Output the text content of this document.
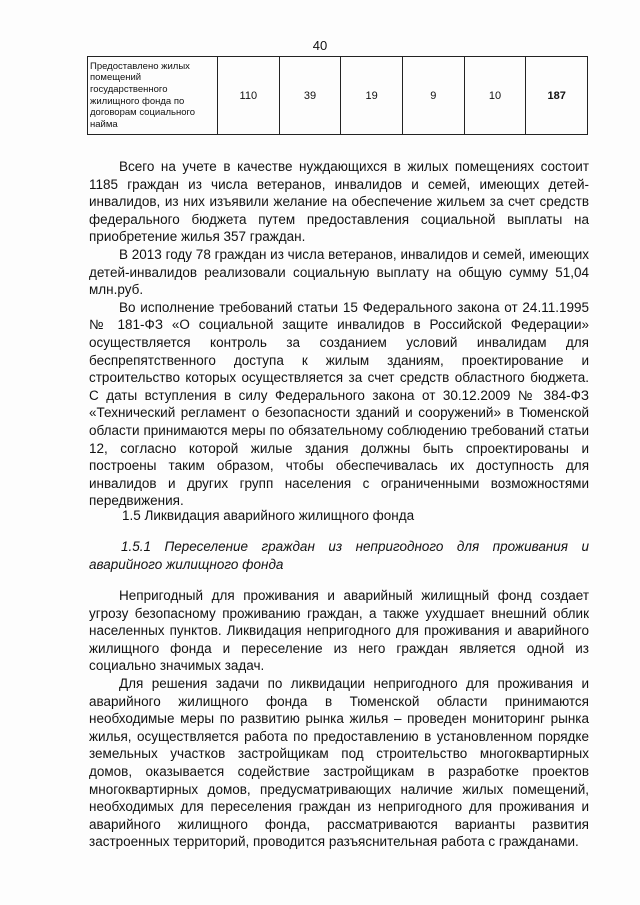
40
Предоставлено жилых помещений государственного жилищного фонда по договорам социального найма	110	39	19	9	10	187

Всего на учете в качестве нуждающихся в жилых помещениях состоит 1185 граждан из числа ветеранов, инвалидов и семей, имеющих детей-инвалидов, из них изъявили желание на обеспечение жильем за счет средств федерального бюджета путем предоставления социальной выплаты на приобретение жилья 357 граждан.

В 2013 году 78 граждан из числа ветеранов, инвалидов и семей, имеющих детей-инвалидов реализовали социальную выплату на общую сумму 51,04 млн.руб.

Во исполнение требований статьи 15 Федерального закона от 24.11.1995 № 181-ФЗ «О социальной защите инвалидов в Российской Федерации» осуществляется контроль за созданием условий инвалидам для беспрепятственного доступа к жилым зданиям, проектирование и строительство которых осуществляется за счет средств областного бюджета. С даты вступления в силу Федерального закона от 30.12.2009 № 384-ФЗ «Технический регламент о безопасности зданий и сооружений» в Тюменской области принимаются меры по обязательному соблюдению требований статьи 12, согласно которой жилые здания должны быть спроектированы и построены таким образом, чтобы обеспечивалась их доступность для инвалидов и других групп населения с ограниченными возможностями передвижения.

1.5 Ликвидация аварийного жилищного фонда

1.5.1 Переселение граждан из непригодного для проживания и аварийного жилищного фонда

Непригодный для проживания и аварийный жилищный фонд создает угрозу безопасному проживанию граждан, а также ухудшает внешний облик населенных пунктов. Ликвидация непригодного для проживания и аварийного жилищного фонда и переселение из него граждан является одной из социально значимых задач.

Для решения задачи по ликвидации непригодного для проживания и аварийного жилищного фонда в Тюменской области принимаются необходимые меры по развитию рынка жилья – проведен мониторинг рынка жилья, осуществляется работа по предоставлению в установленном порядке земельных участков застройщикам под строительство многоквартирных домов, оказывается содействие застройщикам в разработке проектов многоквартирных домов, предусматривающих наличие жилых помещений, необходимых для переселения граждан из непригодного для проживания и аварийного жилищного фонда, рассматриваются варианты развития застроенных территорий, проводится разъяснительная работа с гражданами.
